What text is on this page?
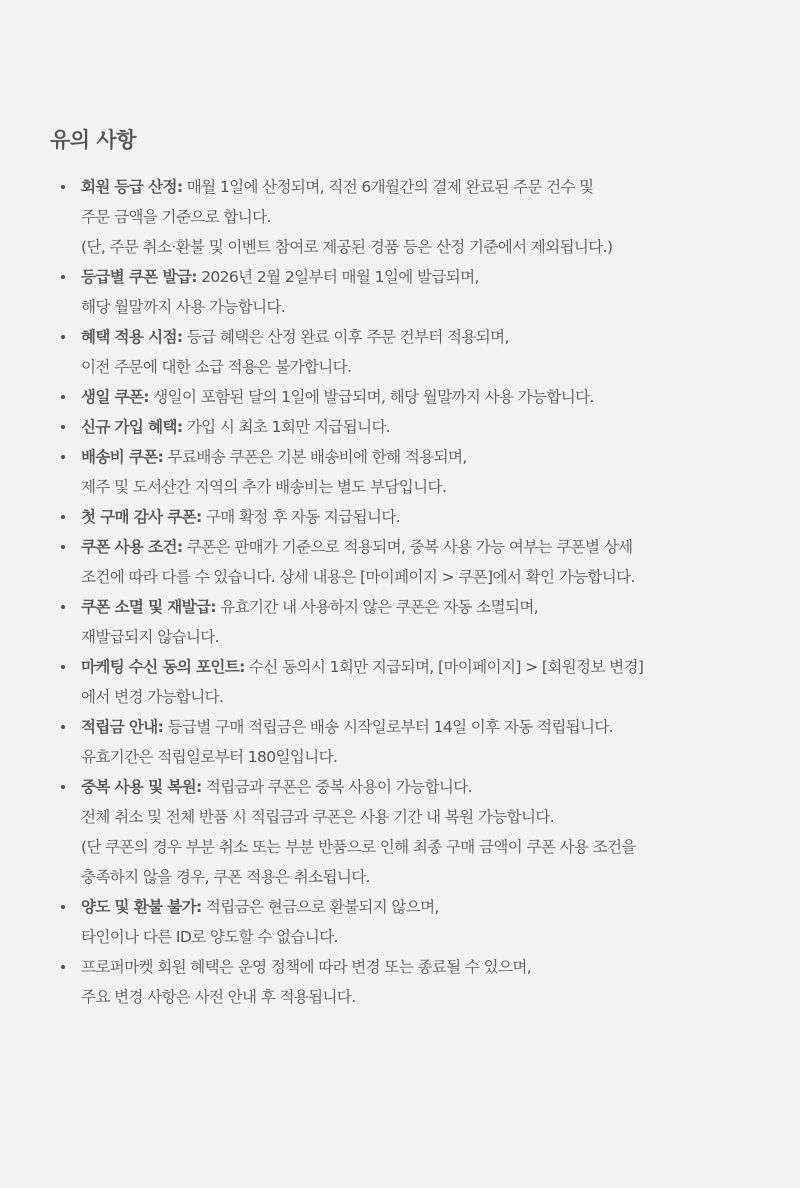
유의 사항
회원 등급 산정: 매월 1일에 산정되며, 직전 6개월간의 결제 완료된 주문 건수 및
주문 금액을 기준으로 합니다.
(단, 주문 취소·환불 및 이벤트 참여로 제공된 경품 등은 산정 기준에서 제외됩니다.)
등급별 쿠폰 발급: 2026년 2월 2일부터 매월 1일에 발급되며,
해당 월말까지 사용 가능합니다.
혜택 적용 시점: 등급 혜택은 산정 완료 이후 주문 건부터 적용되며,
이전 주문에 대한 소급 적용은 불가합니다.
생일 쿠폰: 생일이 포함된 달의 1일에 발급되며, 해당 월말까지 사용 가능합니다.
신규 가입 혜택: 가입 시 최초 1회만 지급됩니다.
배송비 쿠폰: 무료배송 쿠폰은 기본 배송비에 한해 적용되며,
제주 및 도서산간 지역의 추가 배송비는 별도 부담입니다.
첫 구매 감사 쿠폰: 구매 확정 후 자동 지급됩니다.
쿠폰 사용 조건: 쿠폰은 판매가 기준으로 적용되며, 중복 사용 가능 여부는 쿠폰별 상세
조건에 따라 다를 수 있습니다. 상세 내용은 [마이페이지 > 쿠폰]에서 확인 가능합니다.
쿠폰 소멸 및 재발급: 유효기간 내 사용하지 않은 쿠폰은 자동 소멸되며,
재발급되지 않습니다.
마케팅 수신 동의 포인트: 수신 동의시 1회만 지급되며, [마이페이지] > [회원정보 변경]
에서 변경 가능합니다.
적립금 안내: 등급별 구매 적립금은 배송 시작일로부터 14일 이후 자동 적립됩니다.
유효기간은 적립일로부터 180일입니다.
중복 사용 및 복원: 적립금과 쿠폰은 중복 사용이 가능합니다.
전체 취소 및 전체 반품 시 적립금과 쿠폰은 사용 기간 내 복원 가능합니다.
(단 쿠폰의 경우 부분 취소 또는 부분 반품으로 인해 최종 구매 금액이 쿠폰 사용 조건을
충족하지 않을 경우, 쿠폰 적용은 취소됩니다.
양도 및 환불 불가: 적립금은 현금으로 환불되지 않으며,
타인이나 다른 ID로 양도할 수 없습니다.
프로퍼마켓 회원 혜택은 운영 정책에 따라 변경 또는 종료될 수 있으며,
주요 변경 사항은 사전 안내 후 적용됩니다.
